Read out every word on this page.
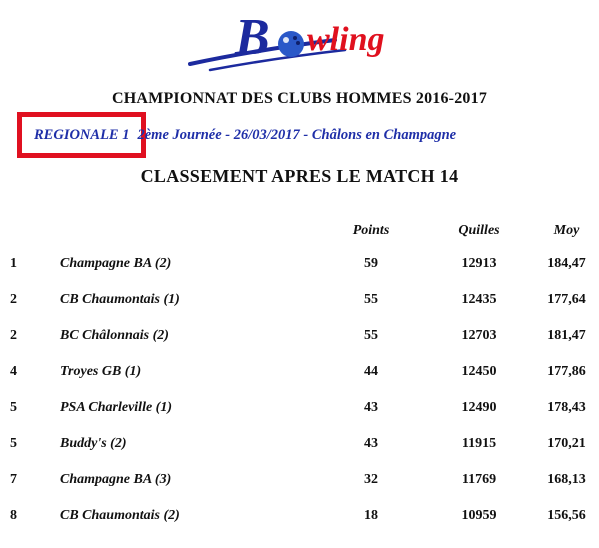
B wling
CHAMPIONNAT DES CLUBS HOMMES 2016-2017
REGIONALE 1 2ème Journée - 26/03/2017 - Châlons en Champagne
CLASSEMENT APRES LE MATCH 14
		Points	Quilles	Moy
1	Champagne BA (2)	59	12913	184,47
2	CB Chaumontais (1)	55	12435	177,64
2	BC Châlonnais (2)	55	12703	181,47
4	Troyes GB (1)	44	12450	177,86
5	PSA Charleville (1)	43	12490	178,43
5	Buddy's (2)	43	11915	170,21
7	Champagne BA (3)	32	11769	168,13
8	CB Chaumontais (2)	18	10959	156,56
